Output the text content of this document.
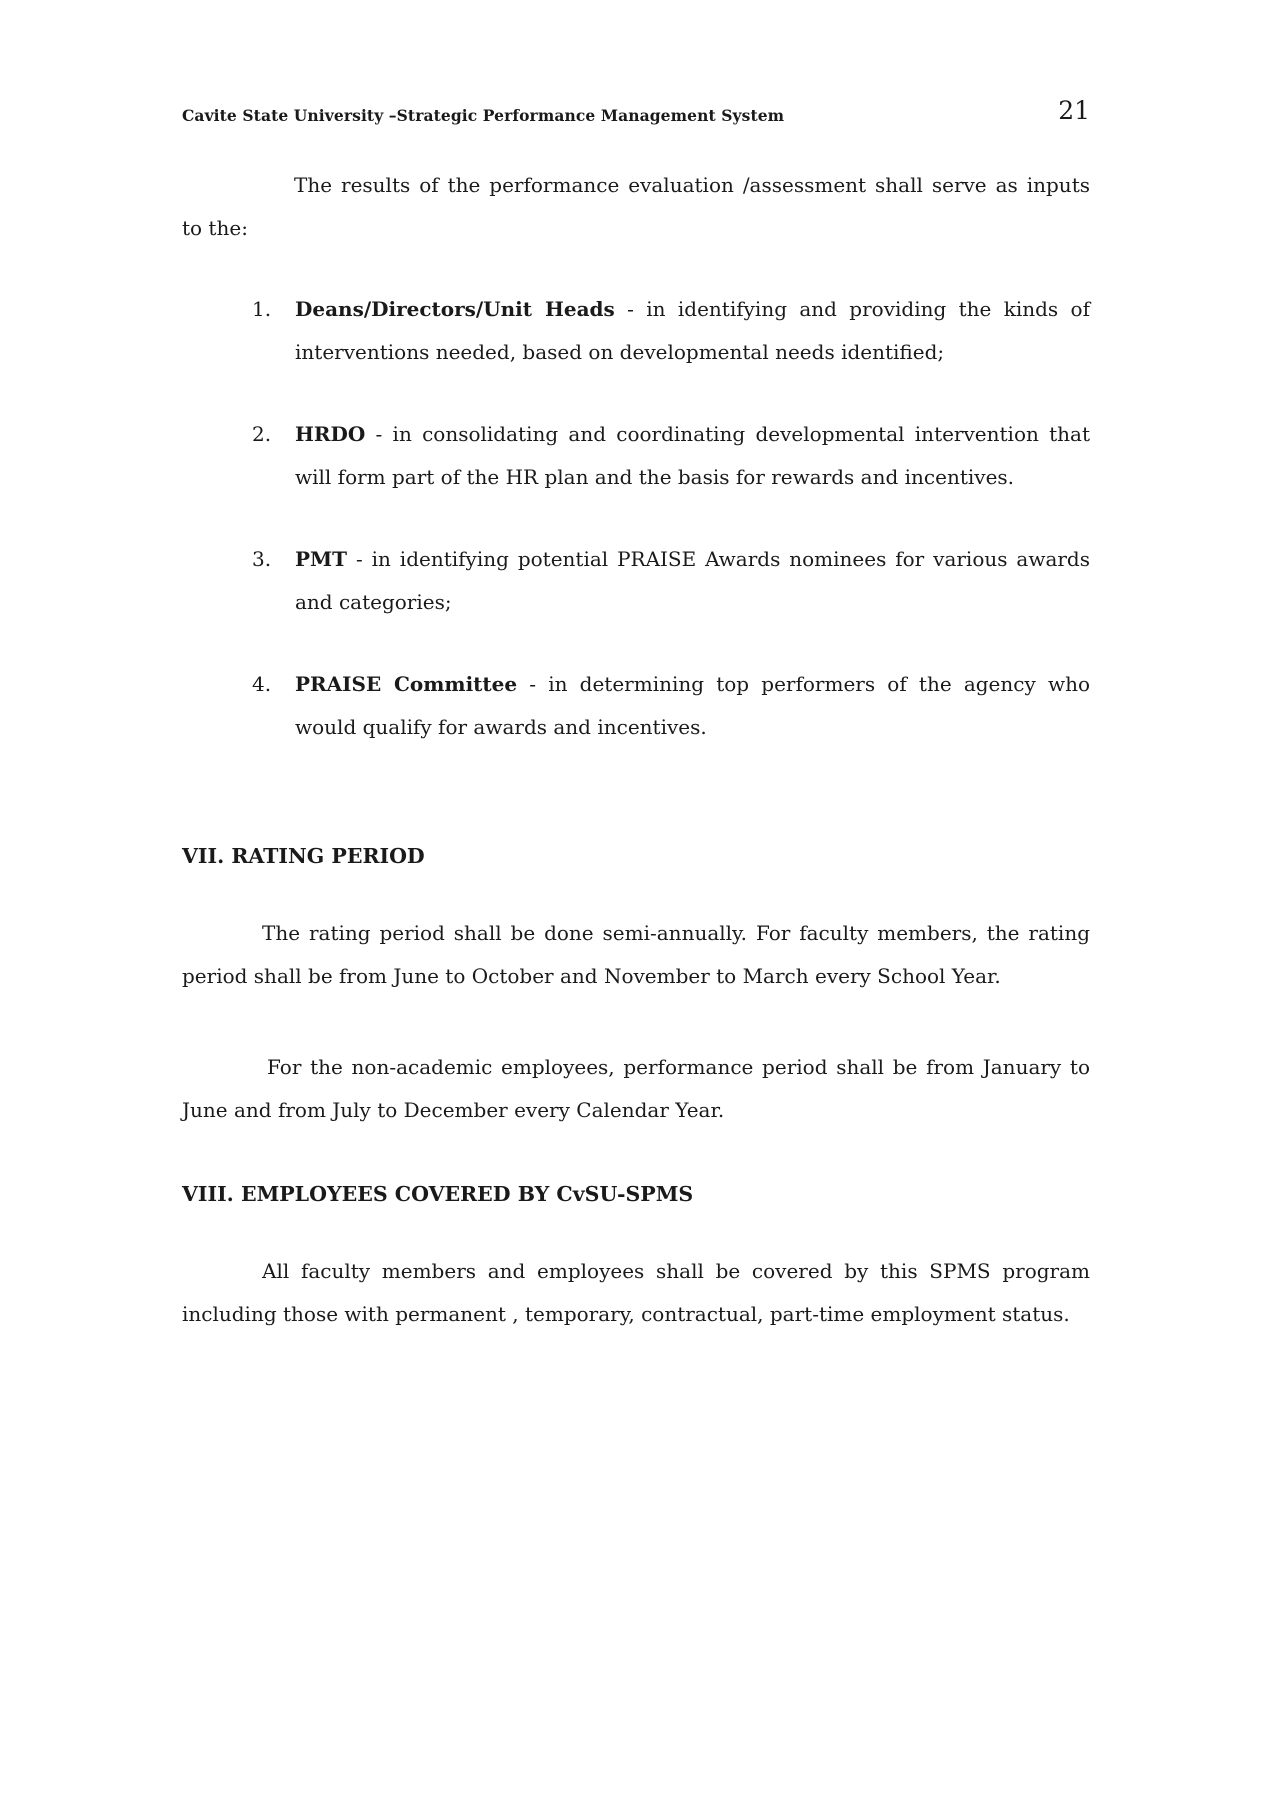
Cavite State University –Strategic Performance Management System	21

The results of the performance evaluation /assessment shall serve as inputs to the:

1. Deans/Directors/Unit Heads - in identifying and providing the kinds of interventions needed, based on developmental needs identified;
2. HRDO - in consolidating and coordinating developmental intervention that will form part of the HR plan and the basis for rewards and incentives.
3. PMT - in identifying potential PRAISE Awards nominees for various awards and categories;
4. PRAISE Committee - in determining top performers of the agency who would qualify for awards and incentives.
VII. RATING PERIOD

The rating period shall be done semi-annually. For faculty members, the rating period shall be from June to October and November to March every School Year.

For the non-academic employees, performance period shall be from January to June and from July to December every Calendar Year.

VIII. EMPLOYEES COVERED BY CvSU-SPMS

All faculty members and employees shall be covered by this SPMS program including those with permanent , temporary, contractual, part-time employment status.
